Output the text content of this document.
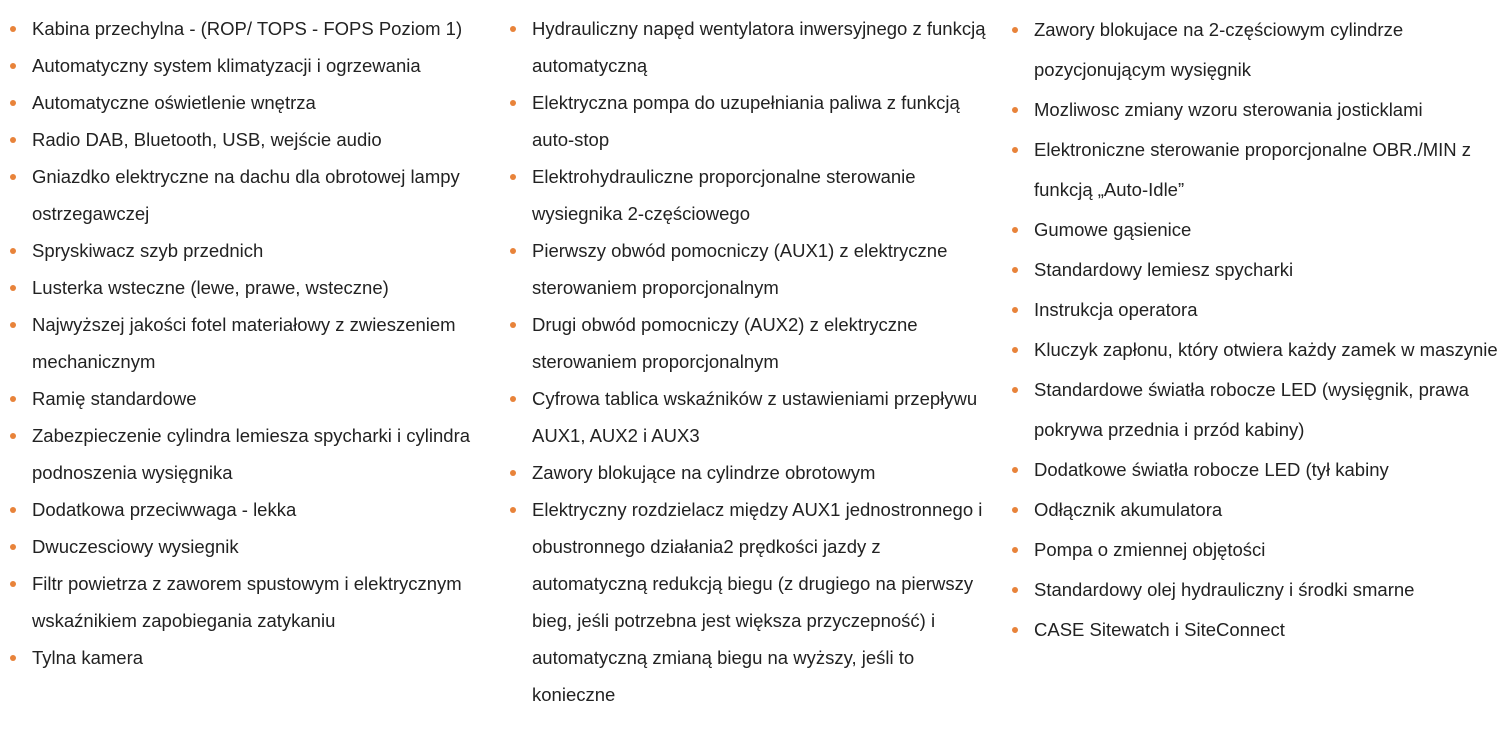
Kabina przechylna - (ROP/ TOPS - FOPS Poziom 1)
Automatyczny system klimatyzacji i ogrzewania
Automatyczne oświetlenie wnętrza
Radio DAB, Bluetooth, USB, wejście audio
Gniazdko elektryczne na dachu dla obrotowej lampy ostrzegawczej
Spryskiwacz szyb przednich
Lusterka wsteczne (lewe, prawe, wsteczne)
Najwyższej jakości fotel materiałowy z zwieszeniem mechanicznym
Ramię standardowe
Zabezpieczenie cylindra lemiesza spycharki i cylindra podnoszenia wysięgnika
Dodatkowa przeciwwaga - lekka
Dwuczesciowy wysiegnik
Filtr powietrza z zaworem spustowym i elektrycznym wskaźnikiem zapobiegania zatykaniu
Tylna kamera
Hydrauliczny napęd wentylatora inwersyjnego z funkcją automatyczną
Elektryczna pompa do uzupełniania paliwa z funkcją auto-stop
Elektrohydrauliczne proporcjonalne sterowanie wysiegnika 2-częściowego
Pierwszy obwód pomocniczy (AUX1) z elektryczne sterowaniem proporcjonalnym
Drugi obwód pomocniczy (AUX2) z elektryczne sterowaniem proporcjonalnym
Cyfrowa tablica wskaźników z ustawieniami przepływu AUX1, AUX2 i AUX3
Zawory blokujące na cylindrze obrotowym
Elektryczny rozdzielacz między AUX1 jednostronnego i obustronnego działania2 prędkości jazdy z automatyczną redukcją biegu (z drugiego na pierwszy bieg, jeśli potrzebna jest większa przyczepność) i automatyczną zmianą biegu na wyższy, jeśli to konieczne
Zawory blokujace na 2-częściowym cylindrze pozycjonującym wysięgnik
Mozliwosc zmiany wzoru sterowania josticklami
Elektroniczne sterowanie proporcjonalne OBR./MIN z funkcją „Auto-Idle”
Gumowe gąsienice
Standardowy lemiesz spycharki
Instrukcja operatora
Kluczyk zapłonu, który otwiera każdy zamek w maszynie
Standardowe światła robocze LED (wysięgnik, prawa pokrywa przednia i przód kabiny)
Dodatkowe światła robocze LED (tył kabiny
Odłącznik akumulatora
Pompa o zmiennej objętości
Standardowy olej hydrauliczny i środki smarne
CASE Sitewatch i SiteConnect
